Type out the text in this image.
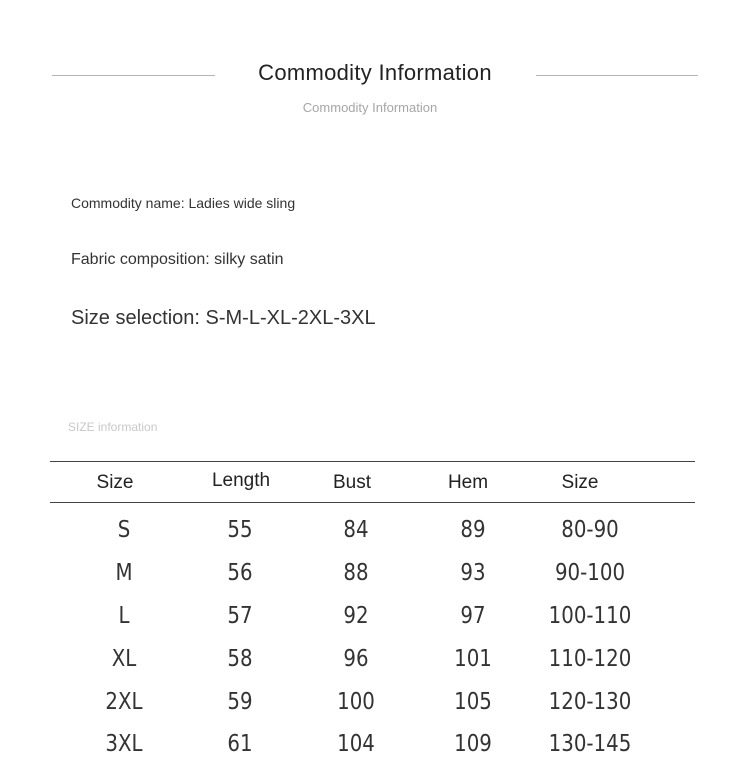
Commodity Information
Commodity Information
Commodity name: Ladies wide sling
Fabric composition: silky satin
Size selection: S-M-L-XL-2XL-3XL
SIZE information
Size	Length	Bust	Hem	Size
S	55	84	89	80-90
M	56	88	93	90-100
L	57	92	97	100-110
XL	58	96	101	110-120
2XL	59	100	105	120-130
3XL	61	104	109	130-145
